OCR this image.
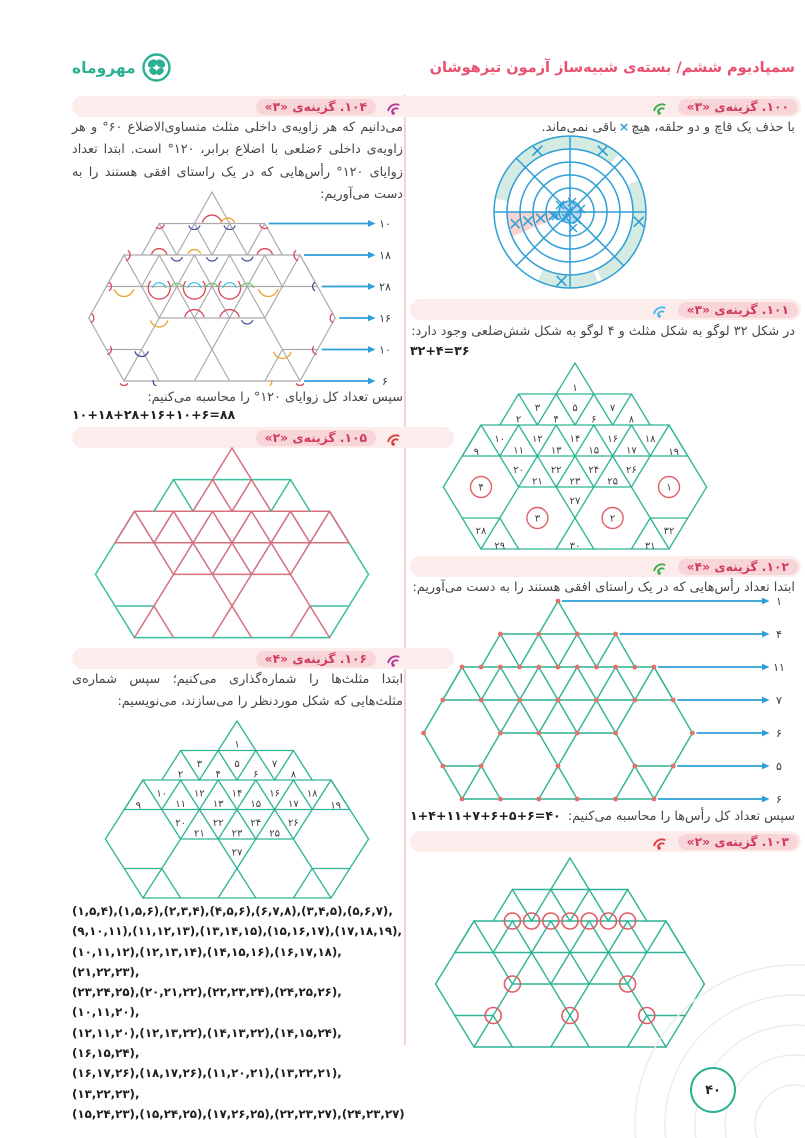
سمپادیوم ششم/ بسته‌ی شبیه‌ساز آزمون تیزهوشان
مهروماه
۱۰۰. گزینه‌ی «۳»
با حذف یک قاچ و دو حلقه، هیچ×باقی نمی‌ماند.
۱۰۱. گزینه‌ی «۳»
در شکل ۳۲ لوگو به شکل مثلث و ۴ لوگو به شکل شش‌ضلعی وجود دارد:
۳۲+۴=۳۶
۱
۲
۳
۴
۵
۶
۷
۸
۹
۱۰
۱۱
۱۲
۱۳
۱۴
۱۵
۱۶
۱۷
۱۸
۱۹
۲۰
۲۱
۲۲
۲۳
۲۴
۲۵
۲۶
۲۷
۲۸
۲۹	۳۰	۳۱
۳۲
۴	۱
۳	۲
۱۰۲. گزینه‌ی «۴»
ابتدا تعداد رأس‌هایی که در یک راستای افقی هستند را به دست می‌آوریم:
۱
۴
۱۱
۷
۶
۵
۶
سپس تعداد کل رأس‌ها را محاسبه می‌کنیم:
۱+۴+۱۱+۷+۶+۵+۶=۴۰
۱۰۳. گزینه‌ی «۲»
۱۰۴. گزینه‌ی «۳»
می‌دانیم که هر زاویه‌ی داخلی مثلث متساوی‌الاضلاع ۶۰° و هر زاویه‌ی داخلی ۶ضلعی با اضلاع برابر، ۱۲۰° است. ابتدا تعداد زوایای ۱۲۰° رأس‌هایی که در یک راستای افقی هستند را به دست می‌آوریم:
۱۰
۱۸
۲۸
۱۶
۱۰
۶
سپس تعداد کل زوایای ۱۲۰° را محاسبه می‌کنیم:
۱۰+۱۸+۲۸+۱۶+۱۰+۶=۸۸
۱۰۵. گزینه‌ی «۲»
۱۰۶. گزینه‌ی «۴»
ابتدا مثلث‌ها را شماره‌گذاری می‌کنیم؛ سپس شماره‌ی مثلث‌هایی که شکل موردنظر را می‌سازند، می‌نویسیم:
۱
۲
۳
۴
۵
۶
۷
۸
۹
۱۰
۱۱
۱۲
۱۳
۱۴
۱۵
۱۶
۱۷
۱۸
۱۹
۲۰
۲۱
۲۲
۲۳
۲۴
۲۵
۲۶
۲۷
(۱,۵,۴),(۱,۵,۶),(۲,۳,۴),(۴,۵,۶),(۶,۷,۸),(۳,۴,۵),(۵,۶,۷),
(۹,۱۰,۱۱),(۱۱,۱۲,۱۳),(۱۳,۱۴,۱۵),(۱۵,۱۶,۱۷),(۱۷,۱۸,۱۹),
(۱۰,۱۱,۱۲),(۱۲,۱۳,۱۴),(۱۴,۱۵,۱۶),(۱۶,۱۷,۱۸),(۲۱,۲۲,۲۳),
(۲۳,۲۴,۲۵),(۲۰,۲۱,۲۲),(۲۲,۲۳,۲۴),(۲۴,۲۵,۲۶),(۱۰,۱۱,۲۰),
(۱۲,۱۱,۲۰),(۱۲,۱۳,۲۲),(۱۴,۱۳,۲۲),(۱۴,۱۵,۲۴),(۱۶,۱۵,۲۴),
(۱۶,۱۷,۲۶),(۱۸,۱۷,۲۶),(۱۱,۲۰,۲۱),(۱۳,۲۲,۲۱),(۱۳,۲۲,۲۳),
(۱۵,۲۴,۲۳),(۱۵,۲۴,۲۵),(۱۷,۲۶,۲۵),(۲۲,۲۳,۲۷),(۲۴,۲۳,۲۷)
۴۰
